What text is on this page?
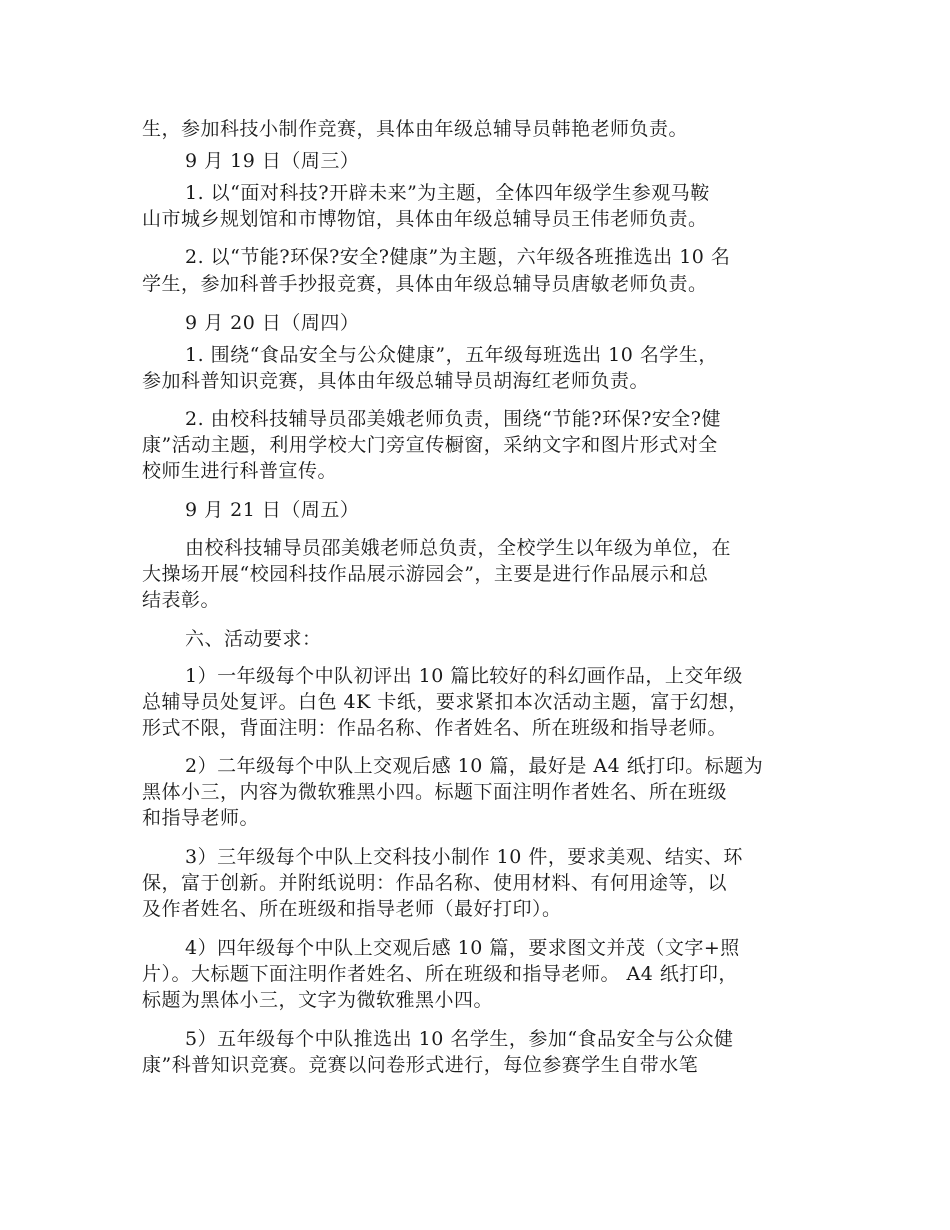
生，参加科技小制作竞赛，具体由年级总辅导员韩艳老师负责。
9 月 19 日（周三）
1. 以“面对科技?开辟未来”为主题，全体四年级学生参观马鞍
山市城乡规划馆和市博物馆，具体由年级总辅导员王伟老师负责。
2. 以“节能?环保?安全?健康”为主题，六年级各班推选出 10 名
学生，参加科普手抄报竞赛，具体由年级总辅导员唐敏老师负责。
9 月 20 日（周四）
1. 围绕“食品安全与公众健康”，五年级每班选出 10 名学生，
参加科普知识竞赛，具体由年级总辅导员胡海红老师负责。
2. 由校科技辅导员邵美娥老师负责，围绕“节能?环保?安全?健
康”活动主题，利用学校大门旁宣传橱窗，采纳文字和图片形式对全
校师生进行科普宣传。
9 月 21 日（周五）
由校科技辅导员邵美娥老师总负责，全校学生以年级为单位，在
大操场开展“校园科技作品展示游园会”，主要是进行作品展示和总
结表彰。
六、活动要求：
1）一年级每个中队初评出 10 篇比较好的科幻画作品，上交年级
总辅导员处复评。白色 4K 卡纸，要求紧扣本次活动主题，富于幻想，
形式不限，背面注明：作品名称、作者姓名、所在班级和指导老师。
2）二年级每个中队上交观后感 10 篇，最好是 A4 纸打印。标题为
黑体小三，内容为微软雅黑小四。标题下面注明作者姓名、所在班级
和指导老师。
3）三年级每个中队上交科技小制作 10 件，要求美观、结实、环
保，富于创新。并附纸说明：作品名称、使用材料、有何用途等，以
及作者姓名、所在班级和指导老师（最好打印）。
4）四年级每个中队上交观后感 10 篇，要求图文并茂（文字+照
片）。大标题下面注明作者姓名、所在班级和指导老师。 A4 纸打印，
标题为黑体小三，文字为微软雅黑小四。
5）五年级每个中队推选出 10 名学生，参加“食品安全与公众健
康”科普知识竞赛。竞赛以问卷形式进行，每位参赛学生自带水笔
